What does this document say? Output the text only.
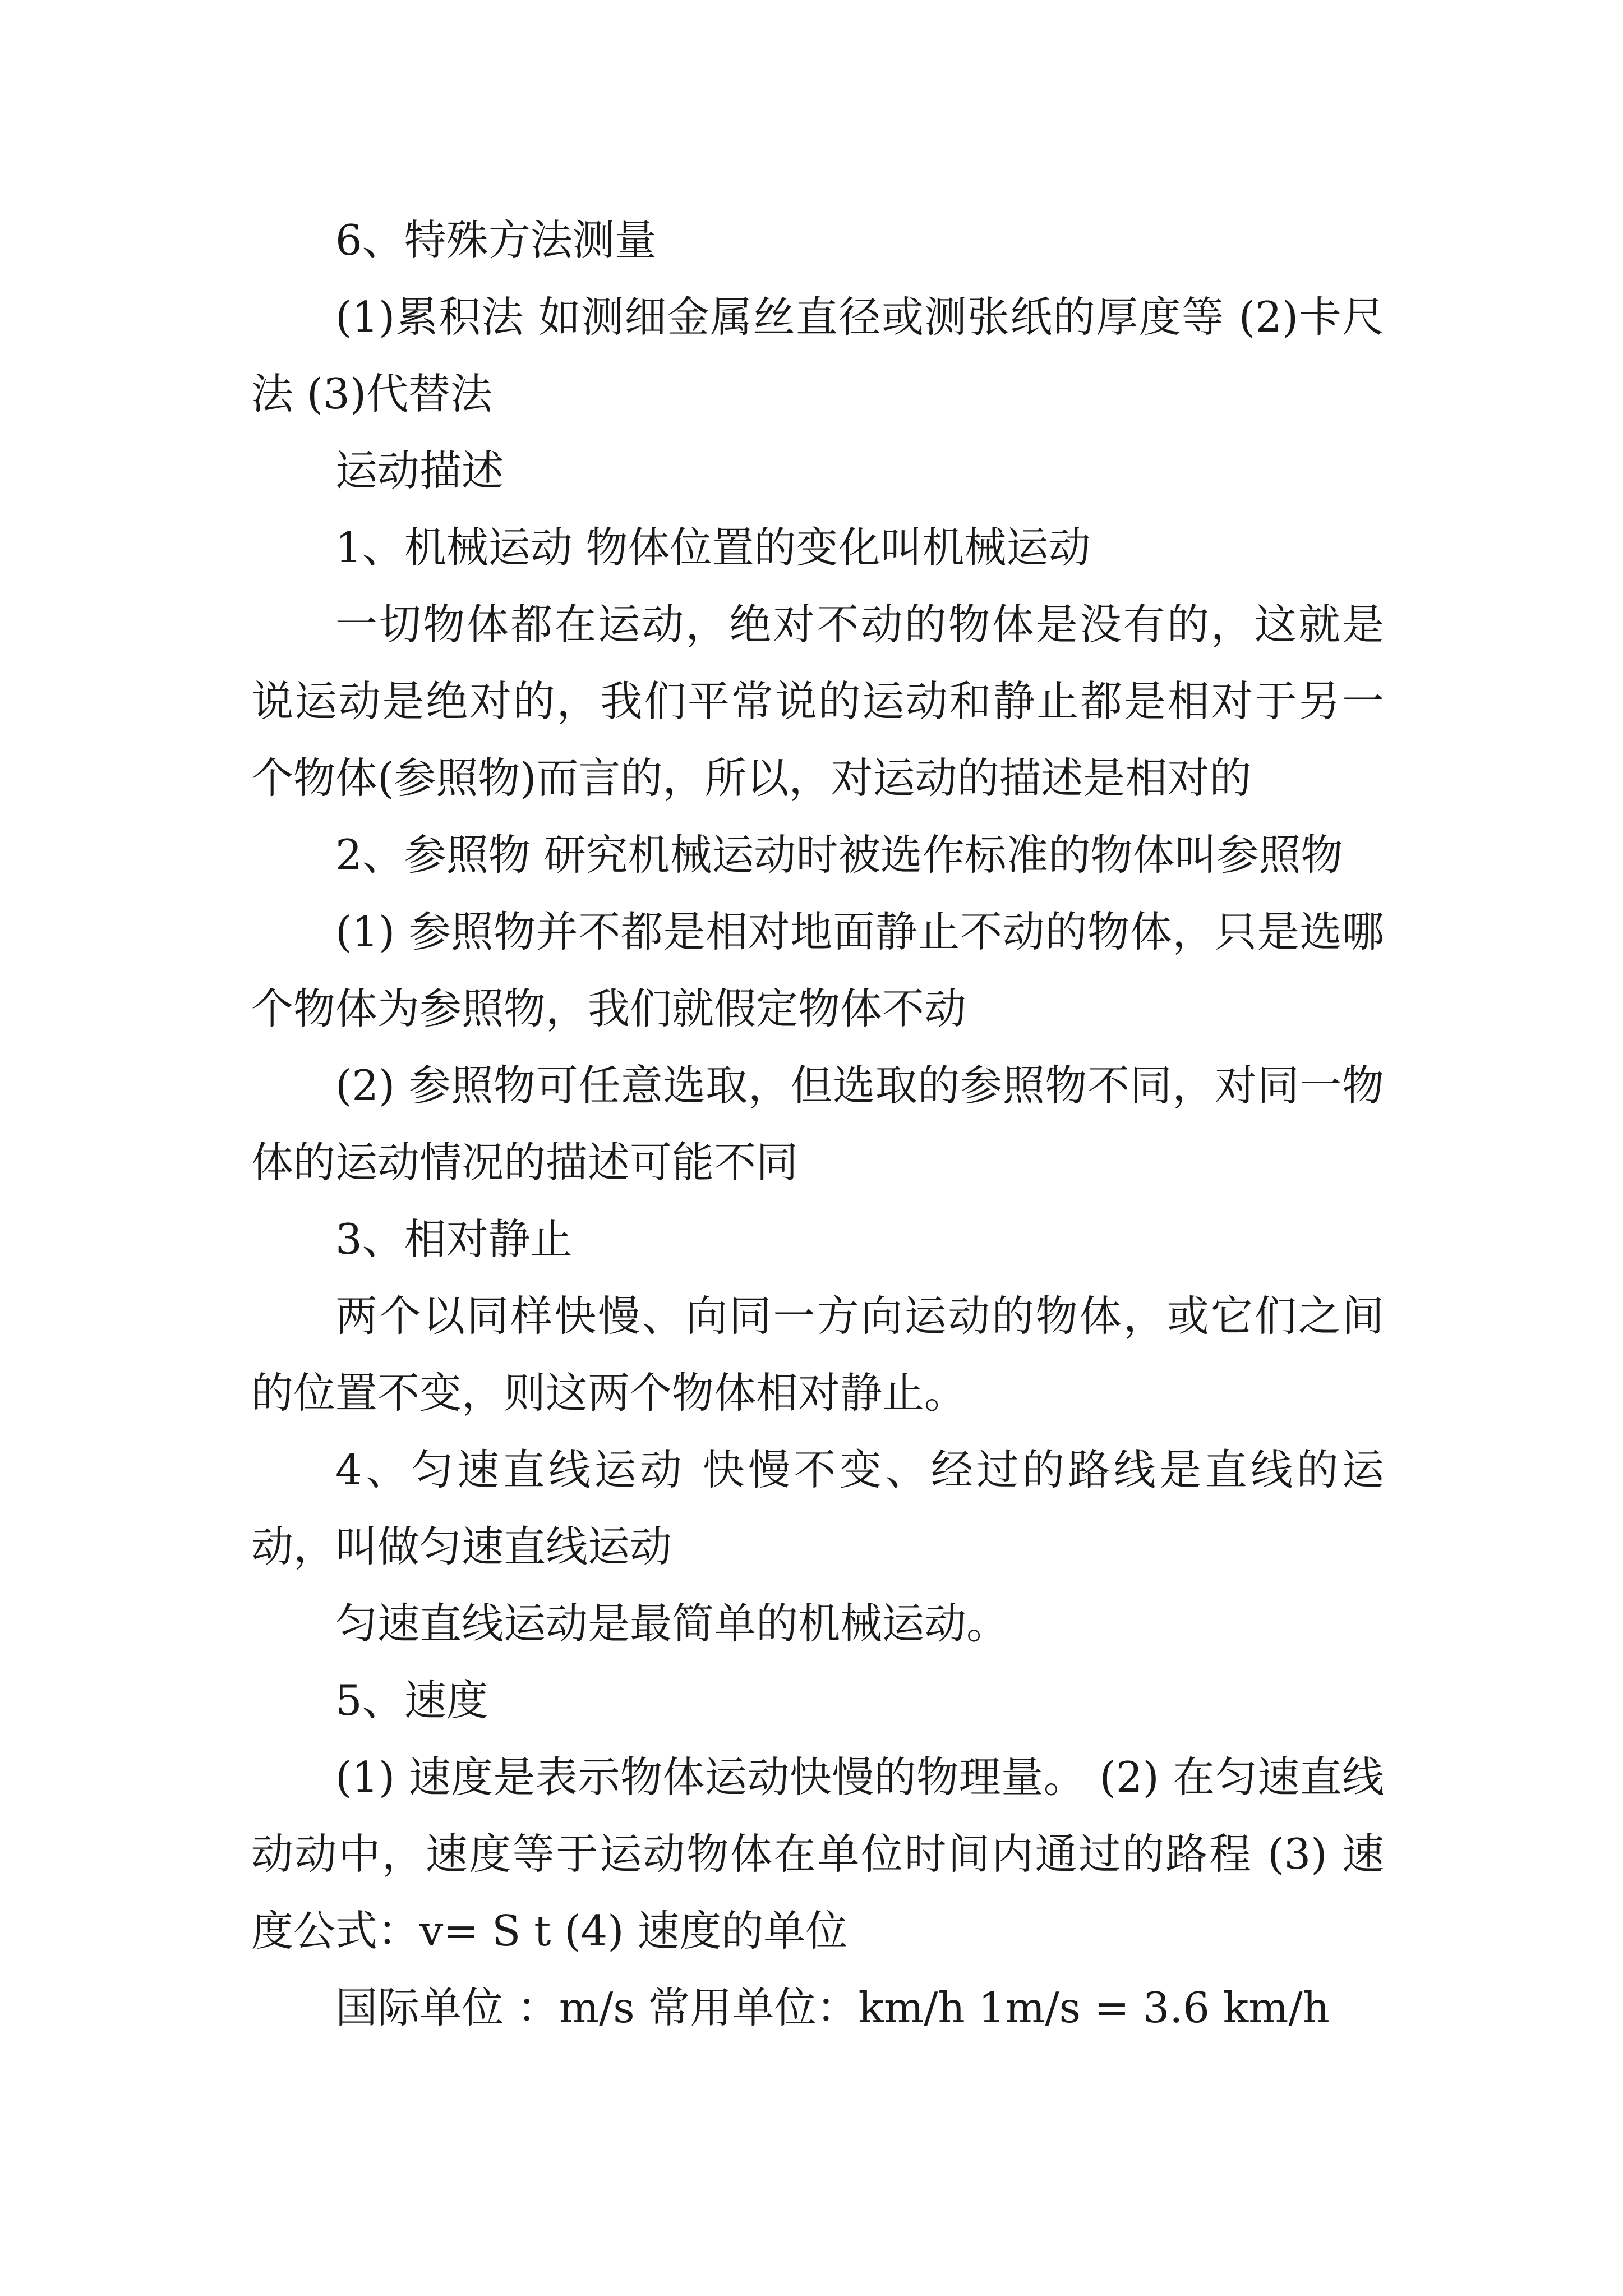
6、特殊方法测量

(1)累积法 如测细金属丝直径或测张纸的厚度等 (2)卡尺法 (3)代替法

运动描述

1、机械运动 物体位置的变化叫机械运动

一切物体都在运动，绝对不动的物体是没有的，这就是说运动是绝对的，我们平常说的运动和静止都是相对于另一个物体(参照物)而言的，所以，对运动的描述是相对的

2、参照物 研究机械运动时被选作标准的物体叫参照物

(1) 参照物并不都是相对地面静止不动的物体，只是选哪个物体为参照物，我们就假定物体不动

(2) 参照物可任意选取，但选取的参照物不同，对同一物体的运动情况的描述可能不同

3、相对静止

两个以同样快慢、向同一方向运动的物体，或它们之间的位置不变，则这两个物体相对静止。

4、匀速直线运动 快慢不变、经过的路线是直线的运动，叫做匀速直线运动

匀速直线运动是最简单的机械运动。

5、速度

(1) 速度是表示物体运动快慢的物理量。 (2) 在匀速直线动动中，速度等于运动物体在单位时间内通过的路程 (3) 速度公式：v= S t (4) 速度的单位

国际单位 ：m/s 常用单位：km/h 1m/s = 3.6 km/h
